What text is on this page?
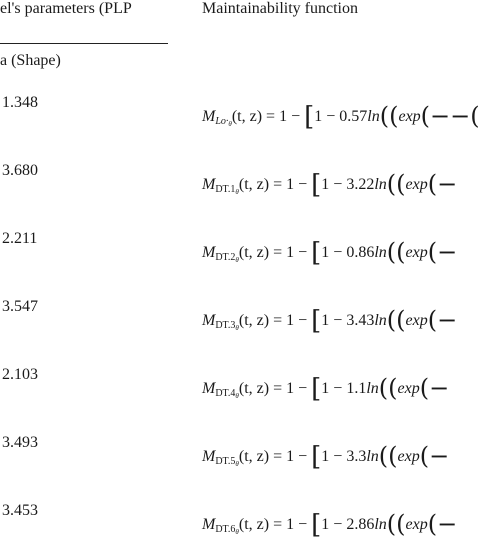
el's parameters (PLP	Maintainability function
a (Shape)
1.348
$M_{Lo\cdot_\theta}(t$, z) = 1 − [1 − 0.57ln((exp(−−(
3.680
$M_{DT.1_\theta}(t$, z) = 1 − [1 − 3.22ln((exp(−
2.211
$M_{DT.2_\theta}(t$, z) = 1 − [1 − 0.86ln((exp(−
3.547
$M_{DT.3_\theta}(t$, z) = 1 − [1 − 3.43ln((exp(−
2.103
$M_{DT.4_\theta}(t$, z) = 1 − [1 − 1.1ln((exp(−
3.493
$M_{DT.5_\theta}(t$, z) = 1 − [1 − 3.3ln((exp(−
3.453
$M_{DT.6_\theta}(t$, z) = 1 − [1 − 2.86ln((exp(−
